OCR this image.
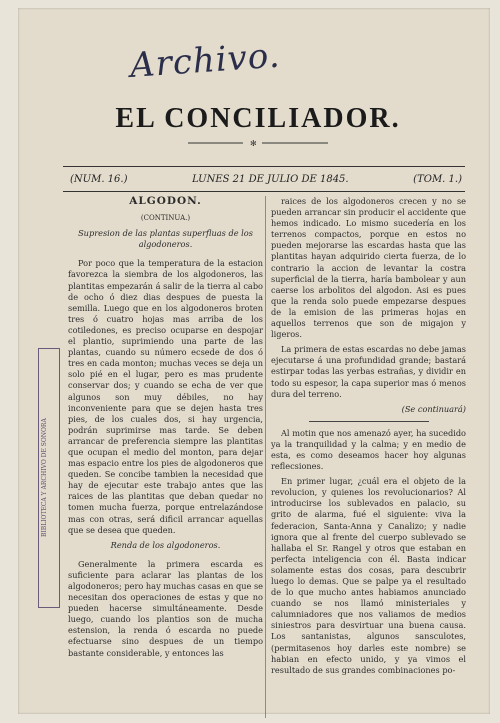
Archivo.
EL CONCILIADOR.
✻
(NUM. 16.)	LUNES 21 DE JULIO DE 1845.	(TOM. 1.)
BIBLIOTECA Y ARCHIVO DE SONORA
ALGODON.
(CONTINUA.)
Supresion de las plantas superfluas de los algodoneros.

Por poco que la temperatura de la estacion favorezca la siembra de los algodoneros, las plantitas empezarán á salir de la tierra al cabo de ocho ó diez dias despues de puesta la semilla. Luego que en los algodoneros broten tres ó cuatro hojas mas arriba de los cotiledones, es preciso ocuparse en despojar el plantio, suprimiendo una parte de las plantas, cuando su número ecsede de dos ó tres en cada monton; muchas veces se deja un solo pié en el lugar, pero es mas prudente conservar dos; y cuando se echa de ver que algunos son muy débiles, no hay inconveniente para que se dejen hasta tres pies, de los cuales dos, si hay urgencia, podrán suprimirse mas tarde. Se deben arrancar de preferencia siempre las plantitas que ocupan el medio del monton, para dejar mas espacio entre los pies de algodoneros que queden. Se concibe tambien la necesidad que hay de ejecutar este trabajo antes que las raices de las plantitas que deban quedar no tomen mucha fuerza, porque entrelazándose mas con otras, será dificil arrancar aquellas que se desea que queden.

Renda de los algodoneros.

Generalmente la primera escarda es suficiente para aclarar las plantas de los algodoneros; pero hay muchas casas en que se necesitan dos operaciones de estas y que no pueden hacerse simultáneamente. Desde luego, cuando los plantios son de mucha estension, la renda ó escarda no puede efectuarse sino despues de un tiempo bastante considerable, y entonces las

raices de los algodoneros crecen y no se pueden arrancar sin producir el accidente que hemos indicado. Lo mismo sucedería en los terrenos compactos, porque en estos no pueden mejorarse las escardas hasta que las plantitas hayan adquirido cierta fuerza, de lo contrario la accion de levantar la costra superficial de la tierra, haría bambolear y aun caerse los arbolitos del algodon. Asi es pues que la renda solo puede empezarse despues de la emision de las primeras hojas en aquellos terrenos que son de migajon y ligeros.

La primera de estas escardas no debe jamas ejecutarse á una profundidad grande; bastará estirpar todas las yerbas estrañas, y dividir en todo su espesor, la capa superior mas ó menos dura del terreno.

(Se continuará)

Al motin que nos amenazó ayer, ha sucedido ya la tranquilidad y la calma; y en medio de esta, es como deseamos hacer hoy algunas reflecsiones.

En primer lugar, ¿cuál era el objeto de la revolucion, y quienes los revolucionarios? Al introducirse los sublevados en palacio, su grito de alarma, fué el siguiente: viva la federacion, Santa-Anna y Canalizo; y nadie ignora que al frente del cuerpo sublevado se hallaba el Sr. Rangel y otros que estaban en perfecta inteligencia con él. Basta indicar solamente estas dos cosas, para descubrir luego lo demas. Que se palpe ya el resultado de lo que mucho antes habiamos anunciado cuando se nos llamó ministeriales y calumniadores que nos valiamos de medios siniestros para desvirtuar una buena causa. Los santanistas, algunos sansculotes, (permitasenos hoy darles este nombre) se habian en efecto unido, y ya vimos el resultado de sus grandes combinaciones po-
